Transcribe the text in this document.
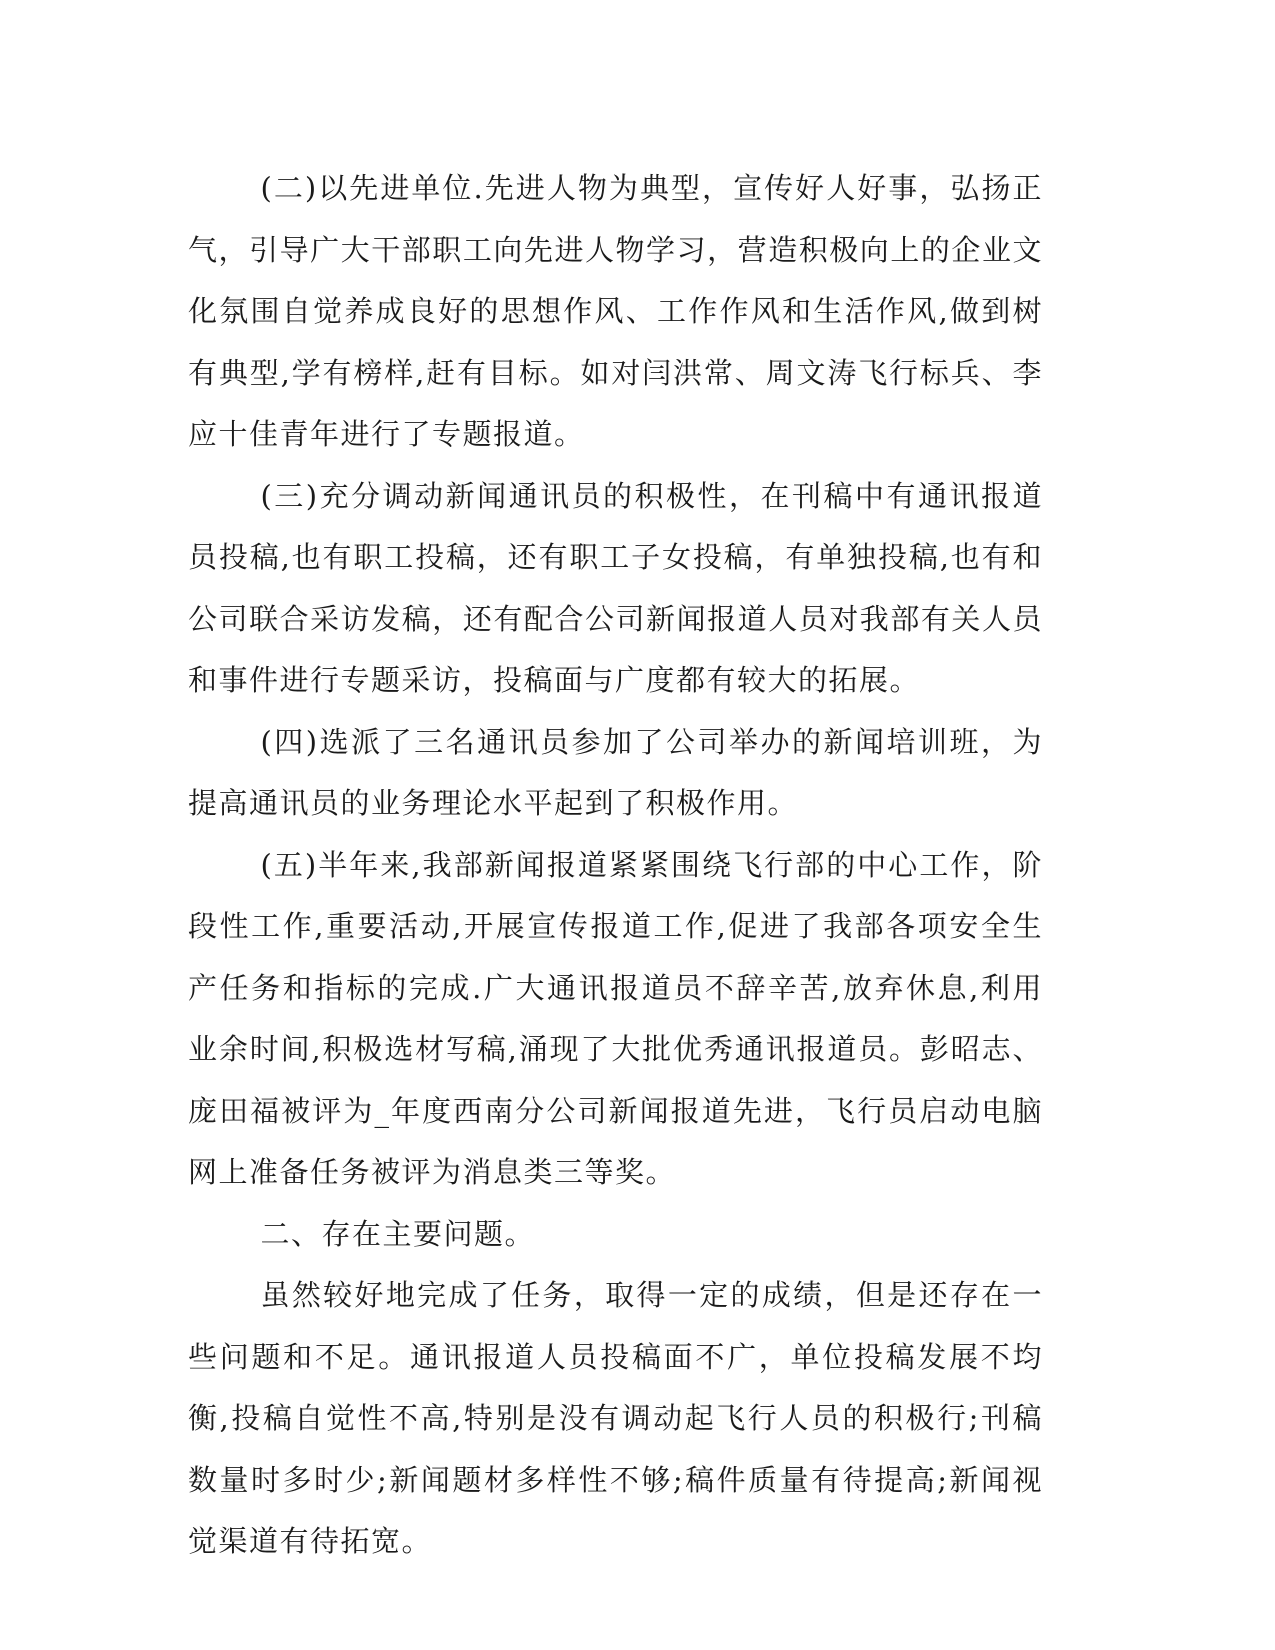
(二)以先进单位.先进人物为典型，宣传好人好事，弘扬正气，引导广大干部职工向先进人物学习，营造积极向上的企业文化氛围自觉养成良好的思想作风、工作作风和生活作风,做到树有典型,学有榜样,赶有目标。如对闫洪常、周文涛飞行标兵、李应十佳青年进行了专题报道。

(三)充分调动新闻通讯员的积极性，在刊稿中有通讯报道员投稿,也有职工投稿，还有职工子女投稿，有单独投稿,也有和公司联合采访发稿，还有配合公司新闻报道人员对我部有关人员和事件进行专题采访，投稿面与广度都有较大的拓展。

(四)选派了三名通讯员参加了公司举办的新闻培训班，为提高通讯员的业务理论水平起到了积极作用。

(五)半年来,我部新闻报道紧紧围绕飞行部的中心工作，阶段性工作,重要活动,开展宣传报道工作,促进了我部各项安全生产任务和指标的完成.广大通讯报道员不辞辛苦,放弃休息,利用业余时间,积极选材写稿,涌现了大批优秀通讯报道员。彭昭志、庞田福被评为_年度西南分公司新闻报道先进，飞行员启动电脑网上准备任务被评为消息类三等奖。

二、存在主要问题。

虽然较好地完成了任务，取得一定的成绩，但是还存在一些问题和不足。通讯报道人员投稿面不广，单位投稿发展不均衡,投稿自觉性不高,特别是没有调动起飞行人员的积极行;刊稿数量时多时少;新闻题材多样性不够;稿件质量有待提高;新闻视觉渠道有待拓宽。
